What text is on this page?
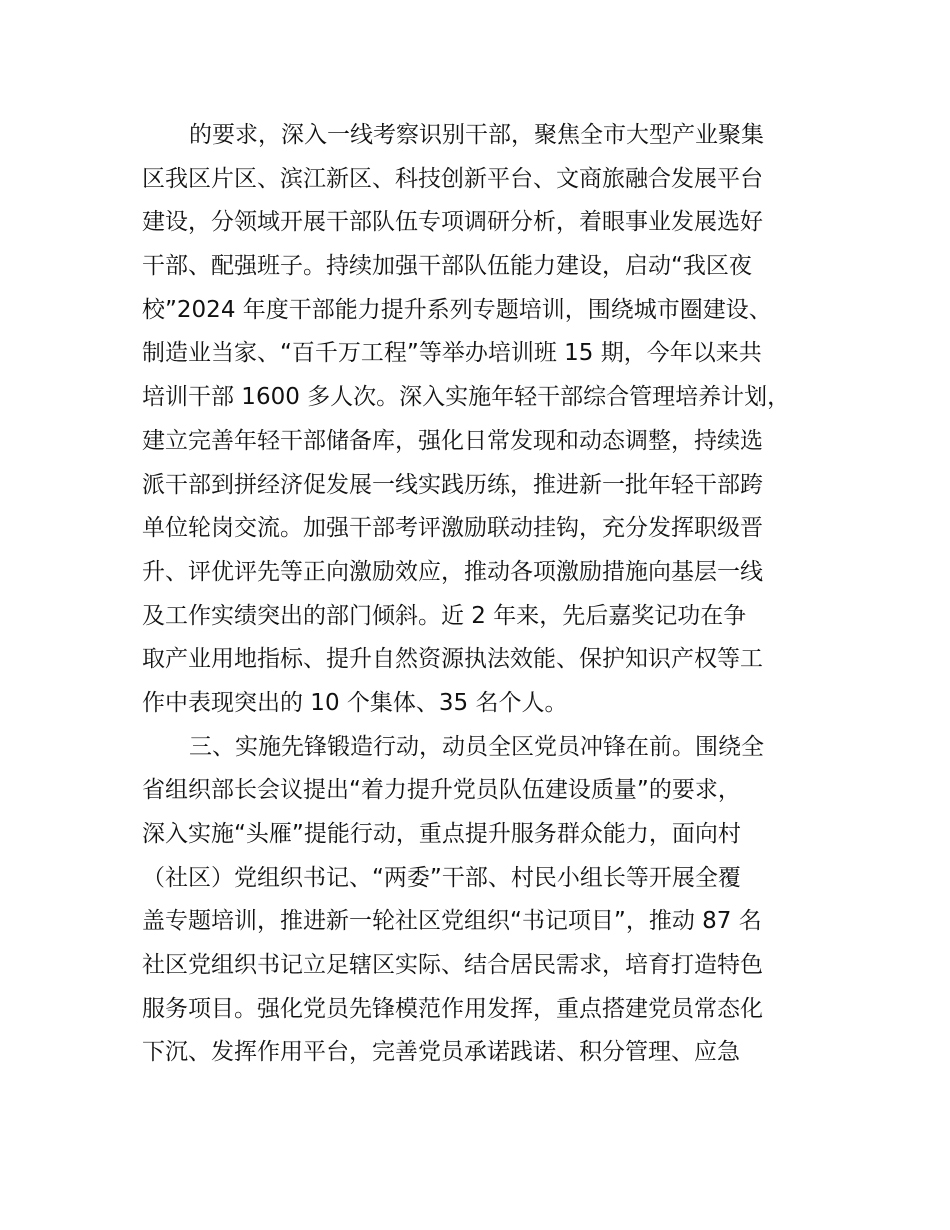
的要求，深入一线考察识别干部，聚焦全市大型产业聚集
区我区片区、滨江新区、科技创新平台、文商旅融合发展平台
建设，分领域开展干部队伍专项调研分析，着眼事业发展选好
干部、配强班子。持续加强干部队伍能力建设，启动“我区夜
校”2024 年度干部能力提升系列专题培训，围绕城市圈建设、
制造业当家、“百千万工程”等举办培训班 15 期，今年以来共
培训干部 1600 多人次。深入实施年轻干部综合管理培养计划，
建立完善年轻干部储备库，强化日常发现和动态调整，持续选
派干部到拼经济促发展一线实践历练，推进新一批年轻干部跨
单位轮岗交流。加强干部考评激励联动挂钩，充分发挥职级晋
升、评优评先等正向激励效应，推动各项激励措施向基层一线
及工作实绩突出的部门倾斜。近 2 年来，先后嘉奖记功在争
取产业用地指标、提升自然资源执法效能、保护知识产权等工
作中表现突出的 10 个集体、35 名个人。
三、实施先锋锻造行动，动员全区党员冲锋在前。围绕全
省组织部长会议提出“着力提升党员队伍建设质量”的要求，
深入实施“头雁”提能行动，重点提升服务群众能力，面向村
（社区）党组织书记、“两委”干部、村民小组长等开展全覆
盖专题培训，推进新一轮社区党组织“书记项目”，推动 87 名
社区党组织书记立足辖区实际、结合居民需求，培育打造特色
服务项目。强化党员先锋模范作用发挥，重点搭建党员常态化
下沉、发挥作用平台，完善党员承诺践诺、积分管理、应急
